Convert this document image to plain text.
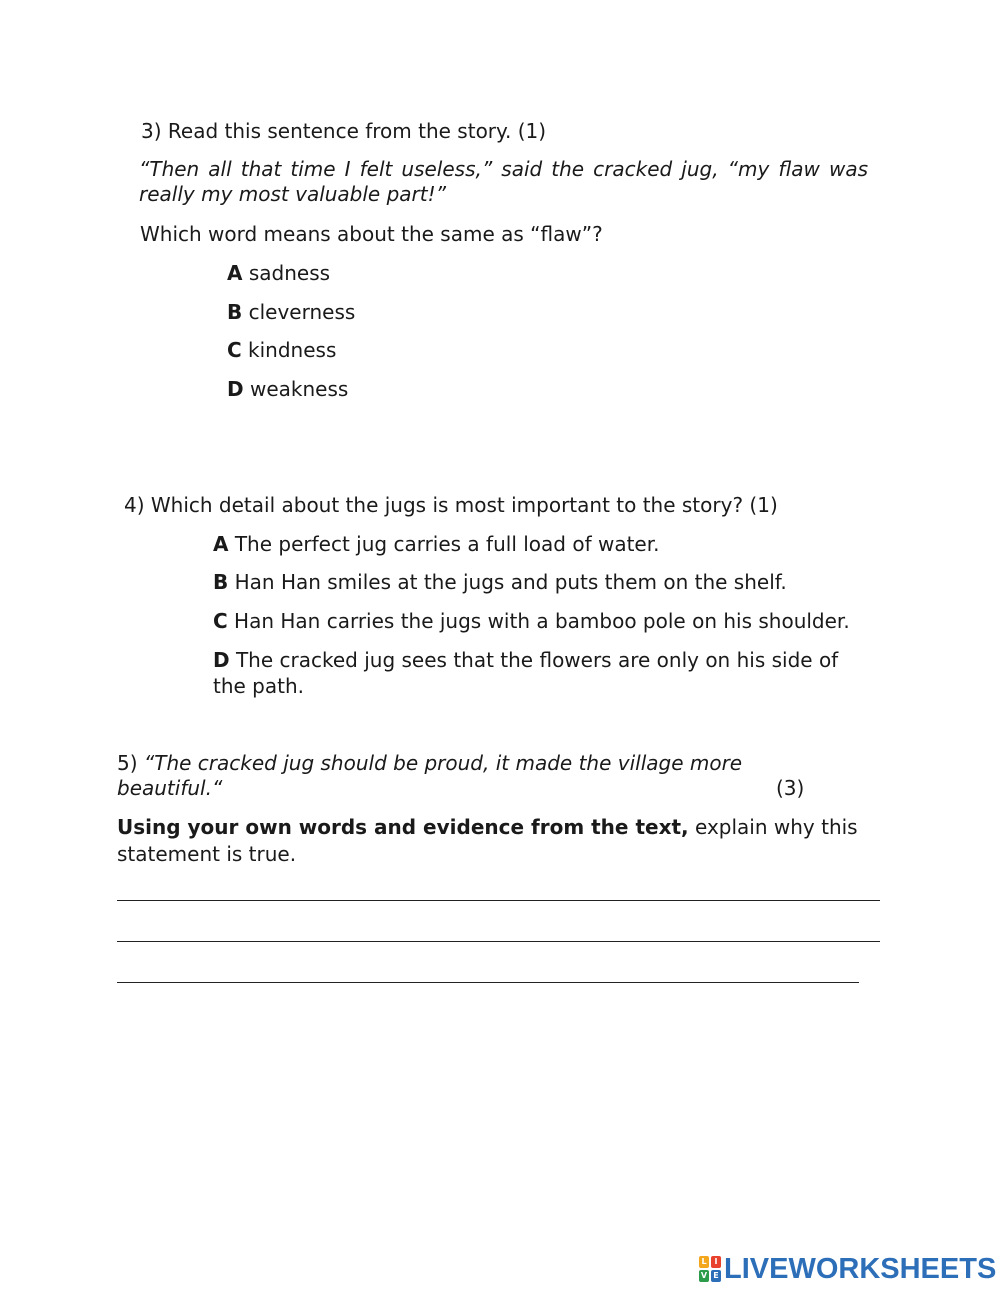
3) Read this sentence from the story. (1)
“Then all that time I felt useless,” said the cracked jug, “my flaw was really my most valuable part!”
Which word means about the same as “flaw”?
A sadness
B cleverness
C kindness
D weakness
4) Which detail about the jugs is most important to the story? (1)
A The perfect jug carries a full load of water.
B Han Han smiles at the jugs and puts them on the shelf.
C Han Han carries the jugs with a bamboo pole on his shoulder.
D The cracked jug sees that the flowers are only on his side of
the path.
5) “The cracked jug should be proud, it made the village more
beautiful.“	(3)
Using your own words and evidence from the text, explain why this
statement is true.
L I
V E LIVEWORKSHEETS
